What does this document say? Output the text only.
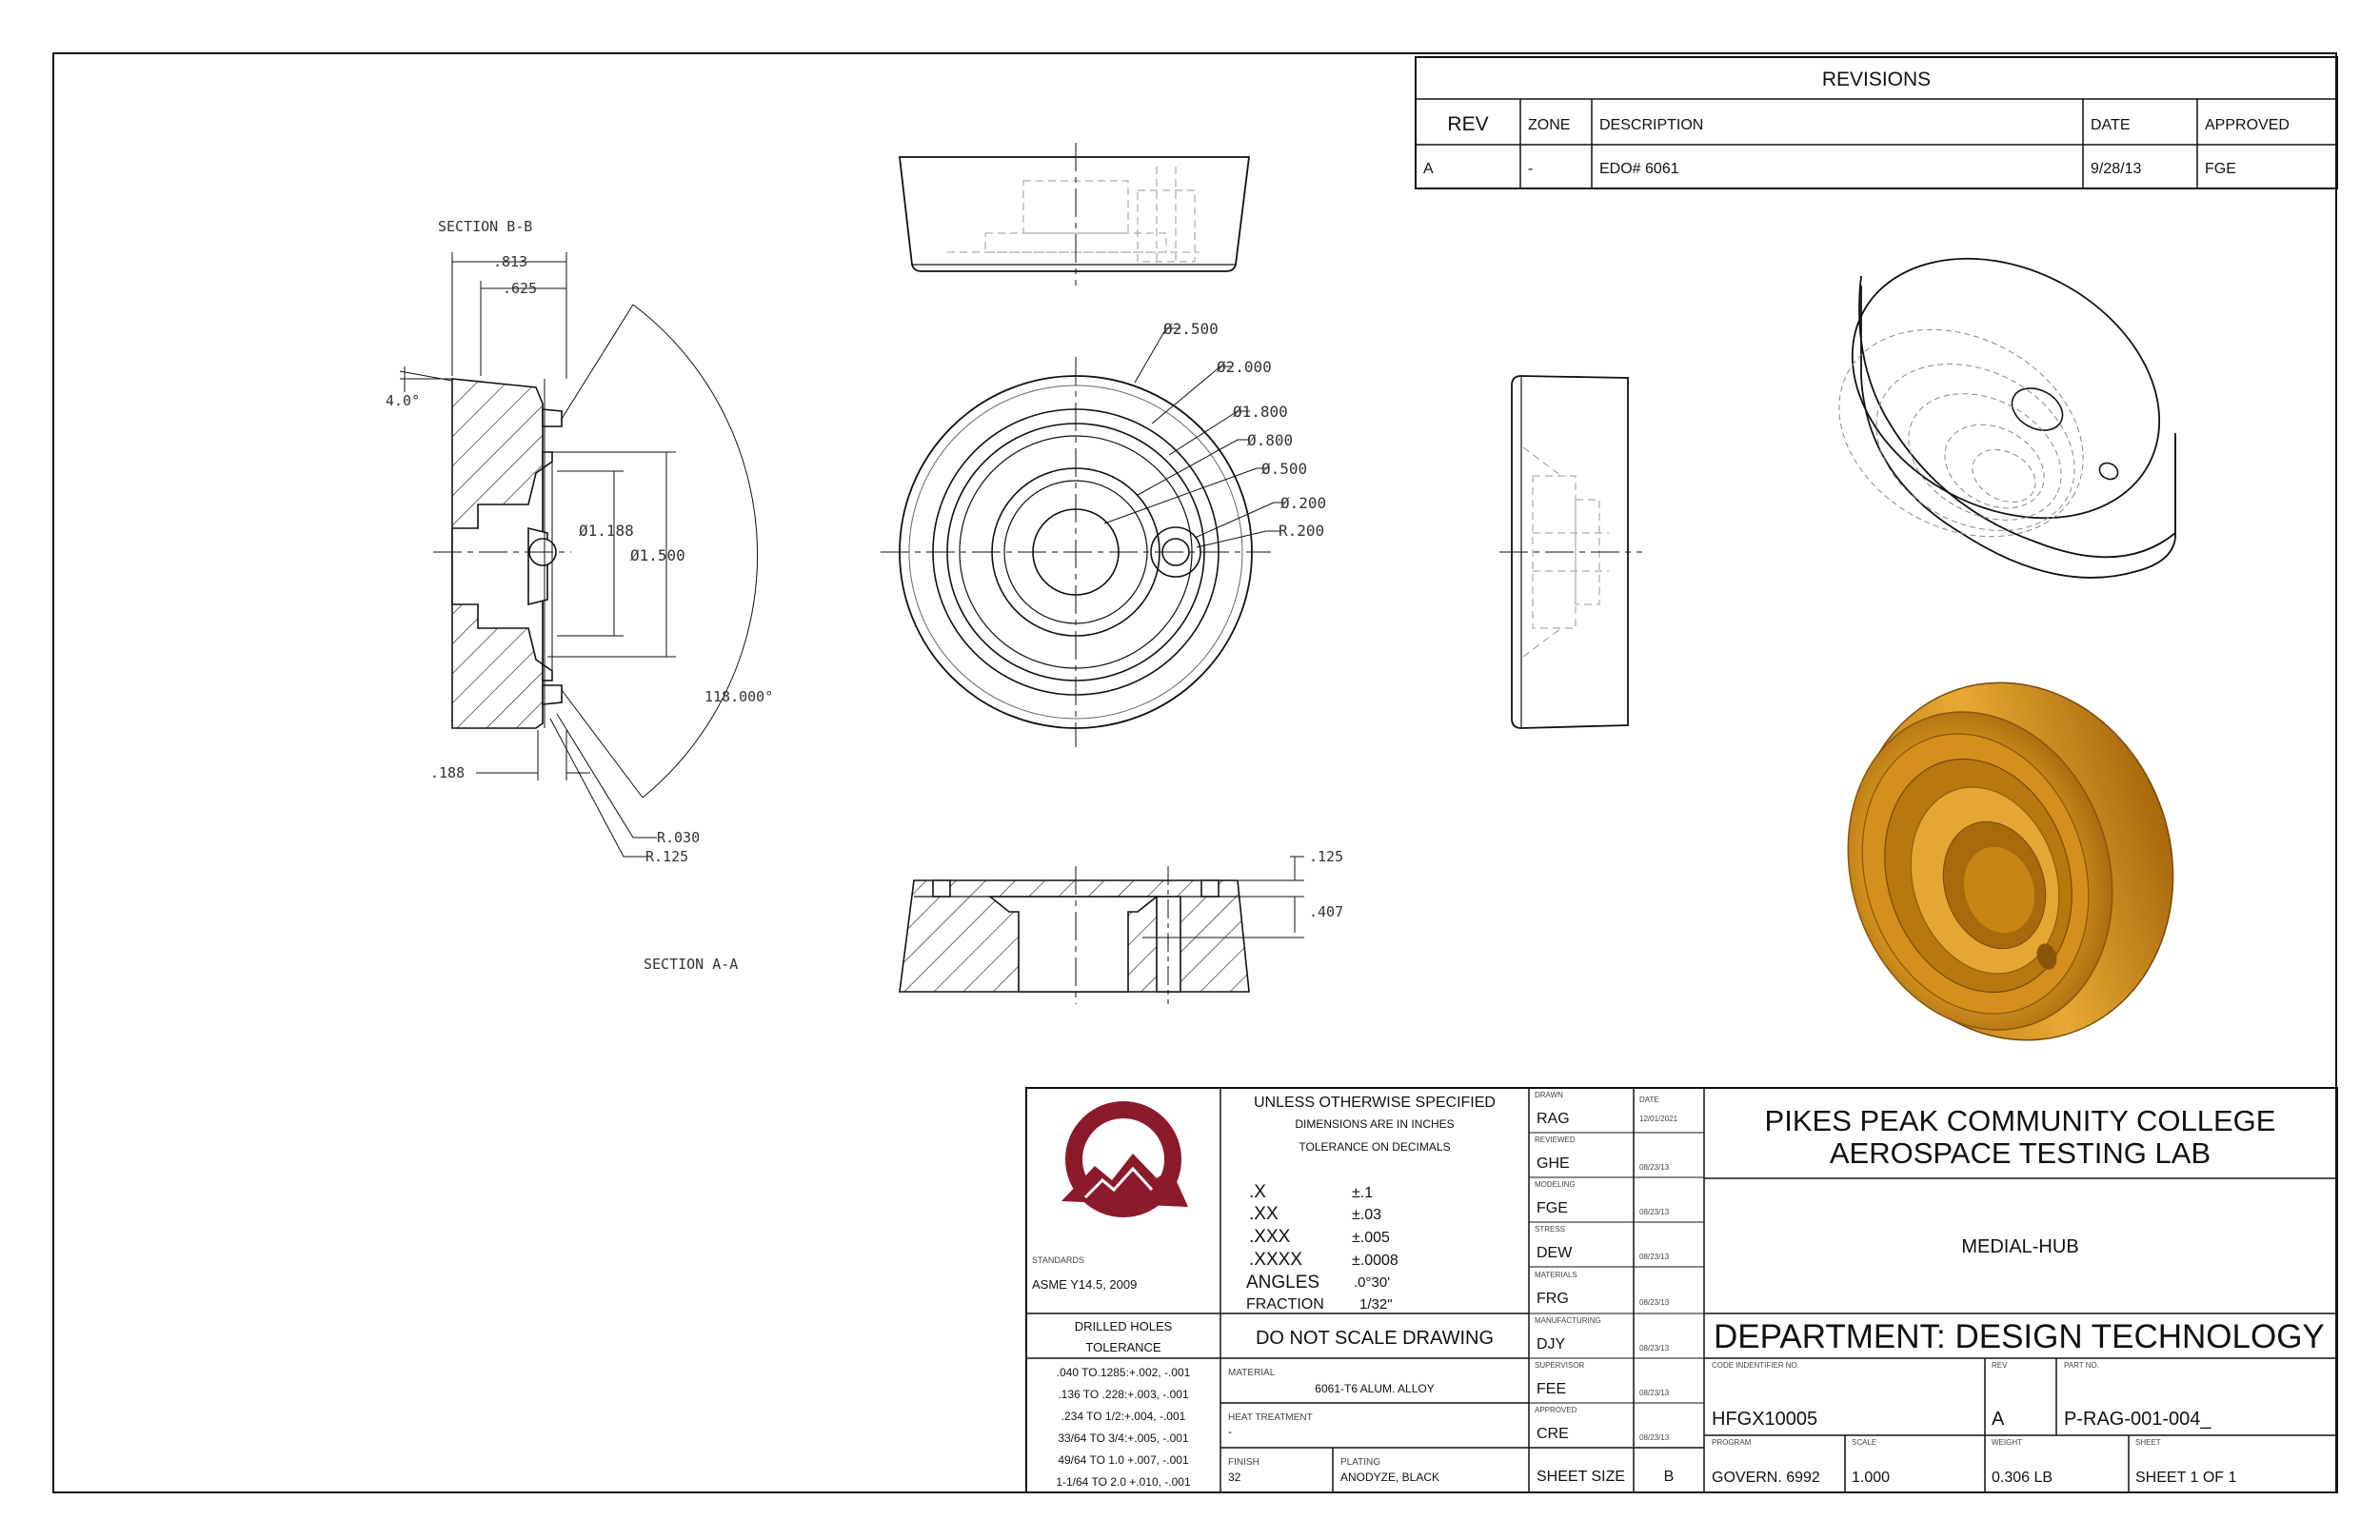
REVISIONS
REV	ZONE DESCRIPTION	DATE	APPROVED
A	-	EDO# 6061	9/28/13	FGE
SECTION B-B
.813
.625
4.0°
Ø1.188
Ø1.500
118.000°
.188
R.030
R.125
Ø2.500
Ø2.000
Ø1.800
Ø.800
Ø.500
Ø.200
R.200
.125
.407
SECTION A-A
STANDARDS
ASME Y14.5, 2009
DRILLED HOLES
TOLERANCE
.040 TO.1285:+.002, -.001
.136 TO .228:+.003, -.001
.234 TO 1/2:+.004, -.001
33/64 TO 3/4:+.005, -.001
49/64 TO 1.0 +.007, -.001
1-1/64 TO 2.0 +.010, -.001
UNLESS OTHERWISE SPECIFIED
DIMENSIONS ARE IN INCHES
TOLERANCE ON DECIMALS
.X	±.1
.XX	±.03
.XXX	±.005
.XXXX	±.0008
ANGLES .0°30'
FRACTION 1/32"
DO NOT SCALE DRAWING
MATERIAL
6061-T6 ALUM. ALLOY
HEAT TREATMENT
-
FINISH
32
PLATING
ANODYZE, BLACK
DRAWN
RAG
DATE
12/01/2021
REVIEWED
GHE	08/23/13
MODELING
FGE	08/23/13
STRESS
DEW	08/23/13
MATERIALS
FRG	08/23/13
MANUFACTURING
DJY	08/23/13
SUPERVISOR
FEE	08/23/13
APPROVED
CRE	08/23/13
SHEET SIZE	B
PIKES PEAK COMMUNITY COLLEGE
AEROSPACE TESTING LAB
MEDIAL-HUB
DEPARTMENT: DESIGN TECHNOLOGY
CODE INDENTIFIER NO.
HFGX10005
REV
A
PART NO.
P-RAG-001-004_
PROGRAM
GOVERN. 6992
SCALE
1.000
WEIGHT
0.306 LB
SHEET
SHEET 1 OF 1
